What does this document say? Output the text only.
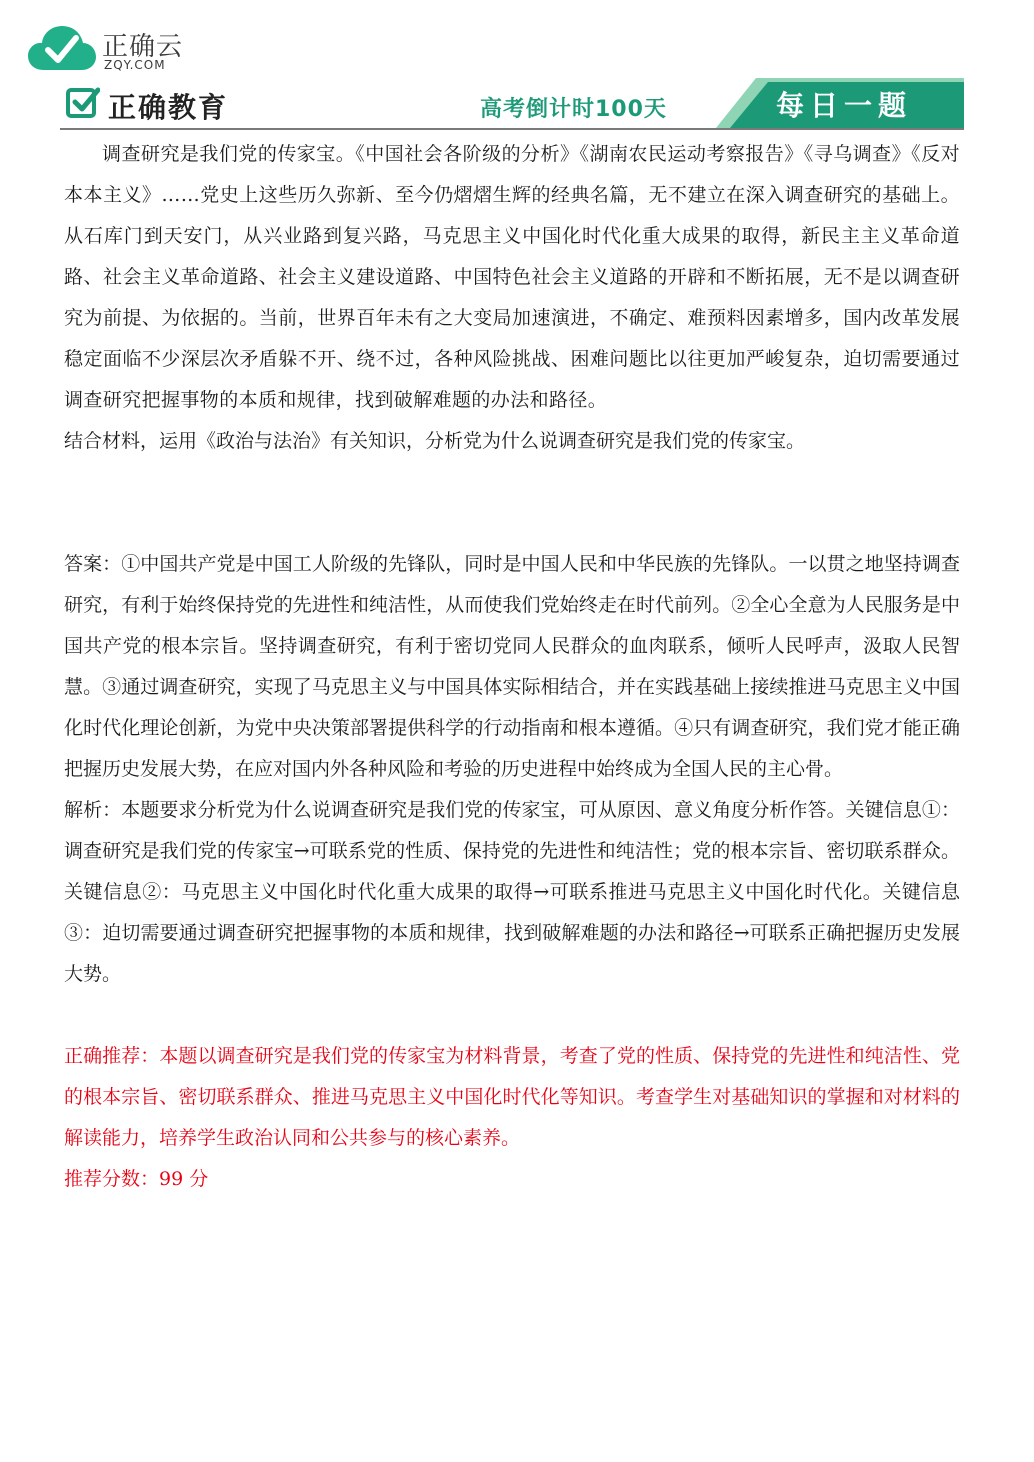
正确云
ZQY.COM
正确教育	高考倒计时100天	每日一题

调查研究是我们党的传家宝。《中国社会各阶级的分析》《湖南农民运动考察报告》《寻乌调查》《反对本本主义》……党史上这些历久弥新、至今仍熠熠生辉的经典名篇，无不建立在深入调查研究的基础上。从石库门到天安门，从兴业路到复兴路，马克思主义中国化时代化重大成果的取得，新民主主义革命道路、社会主义革命道路、社会主义建设道路、中国特色社会主义道路的开辟和不断拓展，无不是以调查研究为前提、为依据的。当前，世界百年未有之大变局加速演进，不确定、难预料因素增多，国内改革发展稳定面临不少深层次矛盾躲不开、绕不过，各种风险挑战、困难问题比以往更加严峻复杂，迫切需要通过调查研究把握事物的本质和规律，找到破解难题的办法和路径。

结合材料，运用《政治与法治》有关知识，分析党为什么说调查研究是我们党的传家宝。

答案：①中国共产党是中国工人阶级的先锋队，同时是中国人民和中华民族的先锋队。一以贯之地坚持调查研究，有利于始终保持党的先进性和纯洁性，从而使我们党始终走在时代前列。②全心全意为人民服务是中国共产党的根本宗旨。坚持调查研究，有利于密切党同人民群众的血肉联系，倾听人民呼声，汲取人民智慧。③通过调查研究，实现了马克思主义与中国具体实际相结合，并在实践基础上接续推进马克思主义中国化时代化理论创新，为党中央决策部署提供科学的行动指南和根本遵循。④只有调查研究，我们党才能正确把握历史发展大势，在应对国内外各种风险和考验的历史进程中始终成为全国人民的主心骨。

解析：本题要求分析党为什么说调查研究是我们党的传家宝，可从原因、意义角度分析作答。关键信息①：调查研究是我们党的传家宝→可联系党的性质、保持党的先进性和纯洁性；党的根本宗旨、密切联系群众。关键信息②：马克思主义中国化时代化重大成果的取得→可联系推进马克思主义中国化时代化。关键信息③：迫切需要通过调查研究把握事物的本质和规律，找到破解难题的办法和路径→可联系正确把握历史发展大势。

正确推荐：本题以调查研究是我们党的传家宝为材料背景，考查了党的性质、保持党的先进性和纯洁性、党的根本宗旨、密切联系群众、推进马克思主义中国化时代化等知识。考查学生对基础知识的掌握和对材料的解读能力，培养学生政治认同和公共参与的核心素养。

推荐分数：99 分
